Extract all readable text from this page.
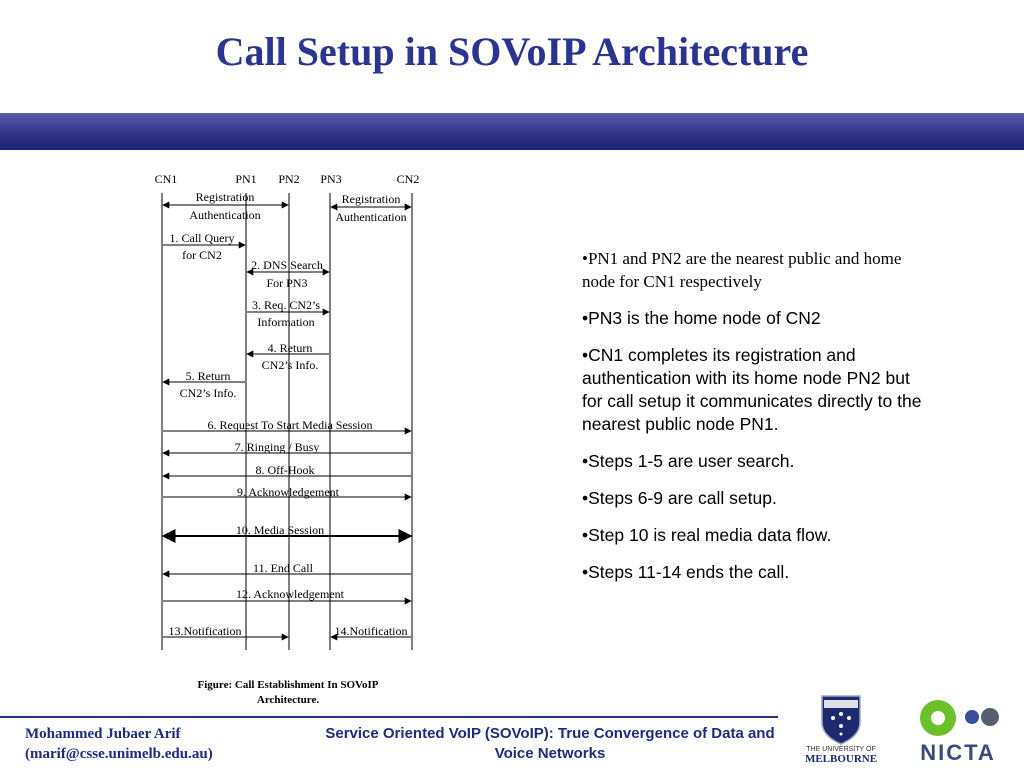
Call Setup in SOVoIP Architecture
CN1	PN1 PN2 PN3	CN2
Registration
Authentication
Registration
Authentication
1. Call Query
for CN2
2. DNS Search
For PN3
3. Req. CN2’s
Information
4. Return
CN2’s Info.
5. Return
CN2’s Info.
6. Request To Start Media Session
7. Ringing / Busy
8. Off-Hook
9. Acknowledgement
10. Media Session
11. End Call
12. Acknowledgement
13.Notification	14.Notification
Figure: Call Establishment In SOVoIP
Architecture.
•PN1 and PN2 are the nearest public and home node for CN1 respectively
•PN3 is the home node of CN2
•CN1 completes its registration and authentication with its home node PN2 but for call setup it communicates directly to the nearest public node PN1.
•Steps 1-5 are user search.
•Steps 6-9 are call setup.
•Step 10 is real media data flow.
•Steps 11-14 ends the call.
Mohammed Jubaer Arif
(marif@csse.unimelb.edu.au)
Service Oriented VoIP (SOVoIP): True Convergence of Data and Voice Networks	THE UNIVERSITY OF
MELBOURNE NICTA
